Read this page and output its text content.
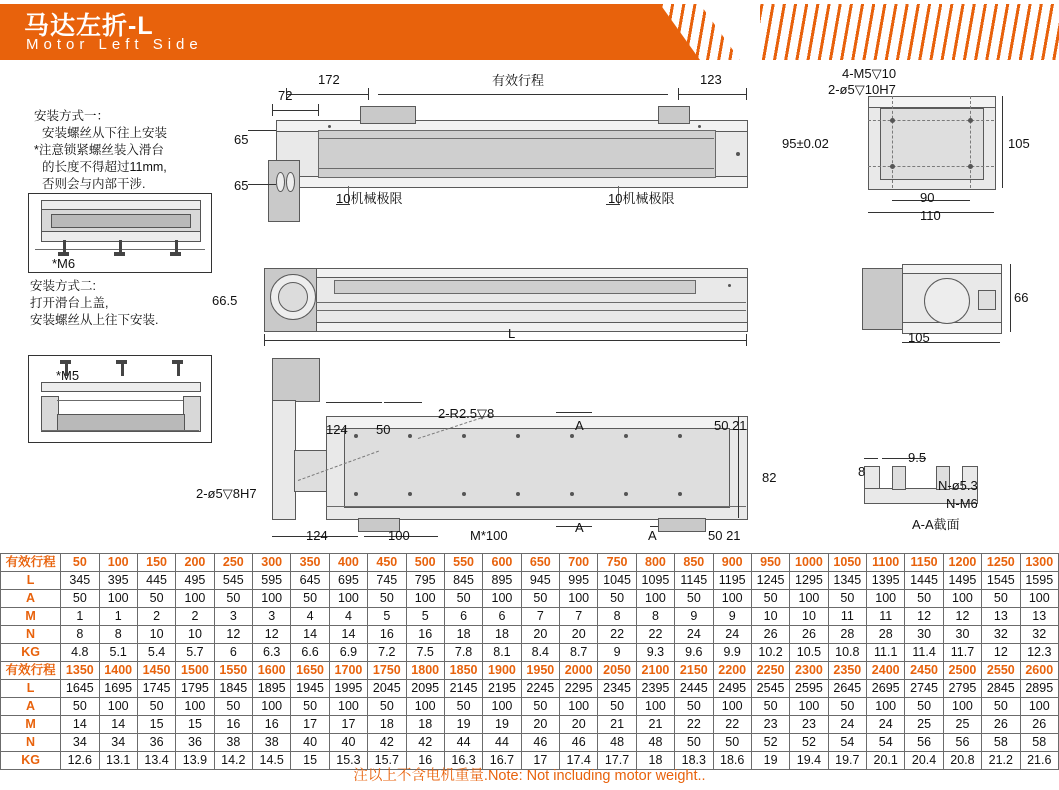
马达左折-L
Motor Left Side
安装方式一：
安装螺丝从下往上安装
*注意锁紧螺丝装入滑台
的长度不得超过11mm,
否则会与内部干涉.
*M6
安装方式二:
打开滑台上盖,
安装螺丝从上往下安装.
*M5
172
72
有效行程	123
65
65
10机械极限	10机械极限
66.5
L
124 50
2-R2.5▽8
A	50 21
82
2-ø5▽8H7
A
124	100	M*100	A	50 21
4-M5▽10
2-ø5▽10H7
95±0.02	105
90
110
66
105
8
9.5
N-ø5.3
N-M6
A-A截面
有效行程	50	100	150	200	250	300	350	400	450	500	550	600	650	700	750	800	850	900	950	1000	1050	1100	1150	1200	1250	1300
L	345	395	445	495	545	595	645	695	745	795	845	895	945	995	1045	1095	1145	1195	1245	1295	1345	1395	1445	1495	1545	1595
A	50	100	50	100	50	100	50	100	50	100	50	100	50	100	50	100	50	100	50	100	50	100	50	100	50	100
M	1	1	2	2	3	3	4	4	5	5	6	6	7	7	8	8	9	9	10	10	11	11	12	12	13	13
N	8	8	10	10	12	12	14	14	16	16	18	18	20	20	22	22	24	24	26	26	28	28	30	30	32	32
KG	4.8	5.1	5.4	5.7	6	6.3	6.6	6.9	7.2	7.5	7.8	8.1	8.4	8.7	9	9.3	9.6	9.9	10.2	10.5	10.8	11.1	11.4	11.7	12	12.3
有效行程	1350	1400	1450	1500	1550	1600	1650	1700	1750	1800	1850	1900	1950	2000	2050	2100	2150	2200	2250	2300	2350	2400	2450	2500	2550	2600
L	1645	1695	1745	1795	1845	1895	1945	1995	2045	2095	2145	2195	2245	2295	2345	2395	2445	2495	2545	2595	2645	2695	2745	2795	2845	2895
A	50	100	50	100	50	100	50	100	50	100	50	100	50	100	50	100	50	100	50	100	50	100	50	100	50	100
M	14	14	15	15	16	16	17	17	18	18	19	19	20	20	21	21	22	22	23	23	24	24	25	25	26	26
N	34	34	36	36	38	38	40	40	42	42	44	44	46	46	48	48	50	50	52	52	54	54	56	56	58	58
KG	12.6	13.1	13.4	13.9	14.2	14.5	15	15.3	15.7	16	16.3	16.7	17	17.4	17.7	18	18.3	18.6	19	19.4	19.7	20.1	20.4	20.8	21.2	21.6
注以上不含电机重量.Note: Not including motor weight..
